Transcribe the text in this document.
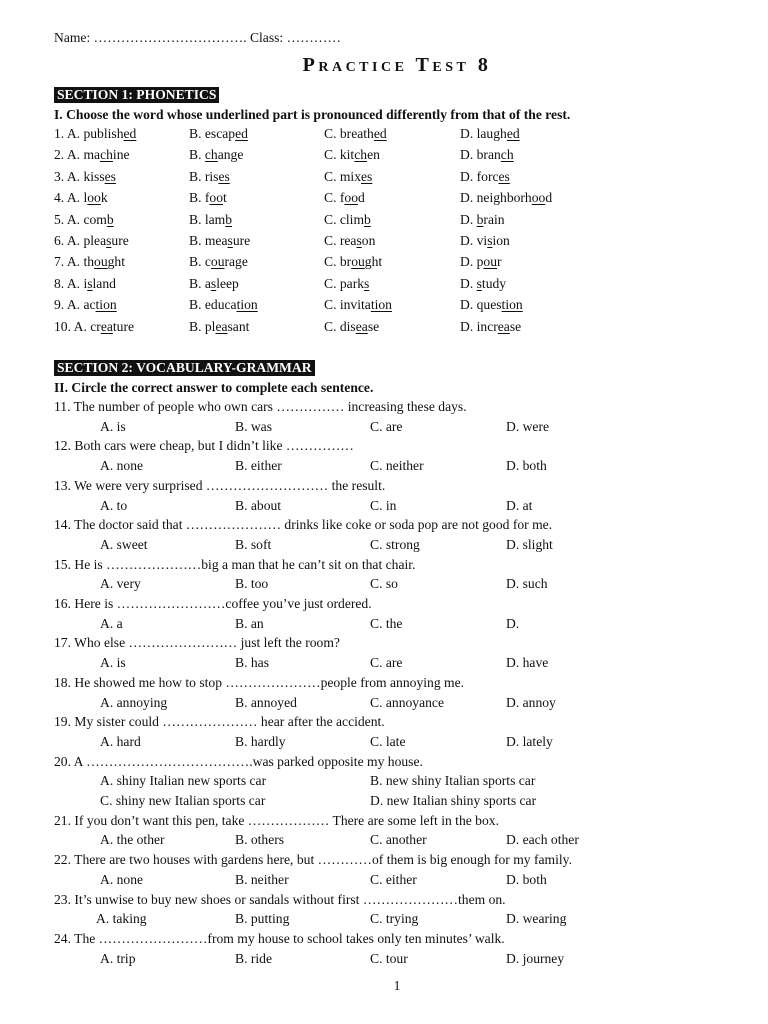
Name: ……………………………. Class: …………
Practice Test 8
SECTION 1: PHONETICS
I. Choose the word whose underlined part is pronounced differently from that of the rest.
1. A. published	B. escaped	C. breathed	D. laughed
2. A. machine	B. change	C. kitchen	D. branch
3. A. kisses	B. rises	C. mixes	D. forces
4. A. look	B. foot	C. food	D. neighborhood
5. A. comb	B. lamb	C. climb	D. brain
6. A. pleasure	B. measure	C. reason	D. vision
7. A. thought	B. courage	C. brought	D. pour
8. A. island	B. asleep	C. parks	D. study
9. A. action	B. education	C. invitation	D. question
10. A. creature	B. pleasant	C. disease	D. increase
SECTION 2: VOCABULARY-GRAMMAR
II. Circle the correct answer to complete each sentence.
11. The number of people who own cars …………… increasing these days.
A. is	B. was	C. are	D. were
12. Both cars were cheap, but I didn’t like ……………
A. none	B. either	C. neither	D. both
13. We were very surprised ……………………… the result.
A. to	B. about	C. in	D. at
14. The doctor said that ………………… drinks like coke or soda pop are not good for me.
A. sweet	B. soft	C. strong	D. slight
15. He is …………………big a man that he can’t sit on that chair.
A. very	B. too	C. so	D. such
16. Here is ……………………coffee you’ve just ordered.
A. a	B. an	C. the	D. ⃠
17. Who else …………………… just left the room?
A. is	B. has	C. are	D. have
18. He showed me how to stop …………………people from annoying me.
A. annoying	B. annoyed	C. annoyance	D. annoy
19. My sister could ………………… hear after the accident.
A. hard	B. hardly	C. late	D. lately
20. A ……………………………….was parked opposite my house.
A. shiny Italian new sports car	B. new shiny Italian sports car
C. shiny new Italian sports car	D. new Italian shiny sports car
21. If you don’t want this pen, take ……………… There are some left in the box.
A. the other	B. others	C. another	D. each other
22. There are two houses with gardens here, but …………of them is big enough for my family.
A. none	B. neither	C. either	D. both
23. It’s unwise to buy new shoes or sandals without first …………………them on.
A. taking	B. putting	C. trying	D. wearing
24. The ……………………from my house to school takes only ten minutes’ walk.
A. trip	B. ride	C. tour	D. journey
1
